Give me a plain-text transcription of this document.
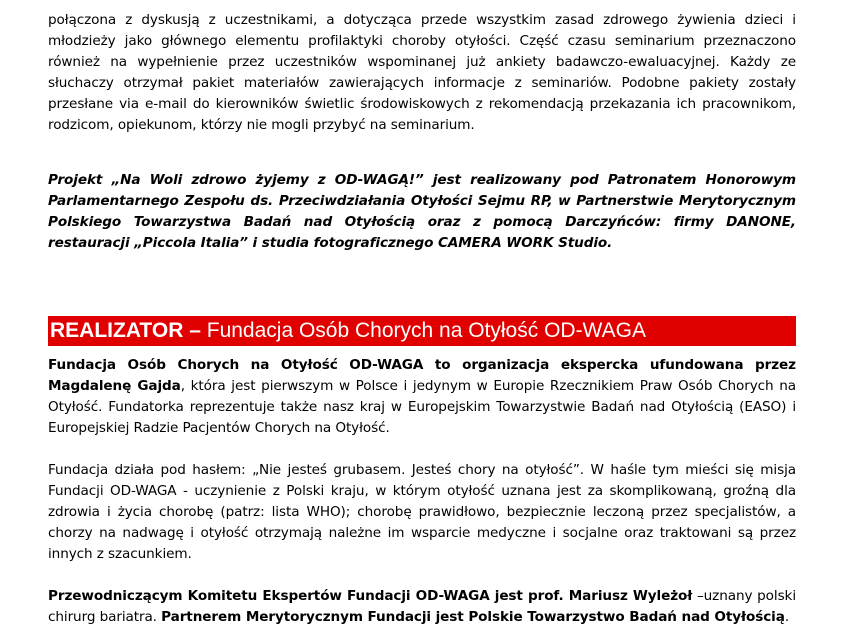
połączona z dyskusją z uczestnikami, a dotycząca przede wszystkim zasad zdrowego żywienia dzieci i młodzieży jako głównego elementu profilaktyki choroby otyłości. Część czasu seminarium przeznaczono również na wypełnienie przez uczestników wspominanej już ankiety badawczo-ewaluacyjnej. Każdy ze słuchaczy otrzymał pakiet materiałów zawierających informacje z seminariów. Podobne pakiety zostały przesłane via e-mail do kierowników świetlic środowiskowych z rekomendacją przekazania ich pracownikom, rodzicom, opiekunom, którzy nie mogli przybyć na seminarium.

Projekt „Na Woli zdrowo żyjemy z OD-WAGĄ!” jest realizowany pod Patronatem Honorowym Parlamentarnego Zespołu ds. Przeciwdziałania Otyłości Sejmu RP, w Partnerstwie Merytorycznym Polskiego Towarzystwa Badań nad Otyłością oraz z pomocą Darczyńców: firmy DANONE, restauracji „Piccola Italia” i studia fotograficznego CAMERA WORK Studio.

REALIZATOR – Fundacja Osób Chorych na Otyłość OD-WAGA

Fundacja Osób Chorych na Otyłość OD-WAGA to organizacja ekspercka ufundowana przez Magdalenę Gajda, która jest pierwszym w Polsce i jedynym w Europie Rzecznikiem Praw Osób Chorych na Otyłość. Fundatorka reprezentuje także nasz kraj w Europejskim Towarzystwie Badań nad Otyłością (EASO) i Europejskiej Radzie Pacjentów Chorych na Otyłość.

Fundacja działa pod hasłem: „Nie jesteś grubasem. Jesteś chory na otyłość”. W haśle tym mieści się misja Fundacji OD-WAGA - uczynienie z Polski kraju, w którym otyłość uznana jest za skomplikowaną, groźną dla zdrowia i życia chorobę (patrz: lista WHO); chorobę prawidłowo, bezpiecznie leczoną przez specjalistów, a chorzy na nadwagę i otyłość otrzymają należne im wsparcie medyczne i socjalne oraz traktowani są przez innych z szacunkiem.

Przewodniczącym Komitetu Ekspertów Fundacji OD-WAGA jest prof. Mariusz Wyleżoł –uznany polski chirurg bariatra. Partnerem Merytorycznym Fundacji jest Polskie Towarzystwo Badań nad Otyłością.
